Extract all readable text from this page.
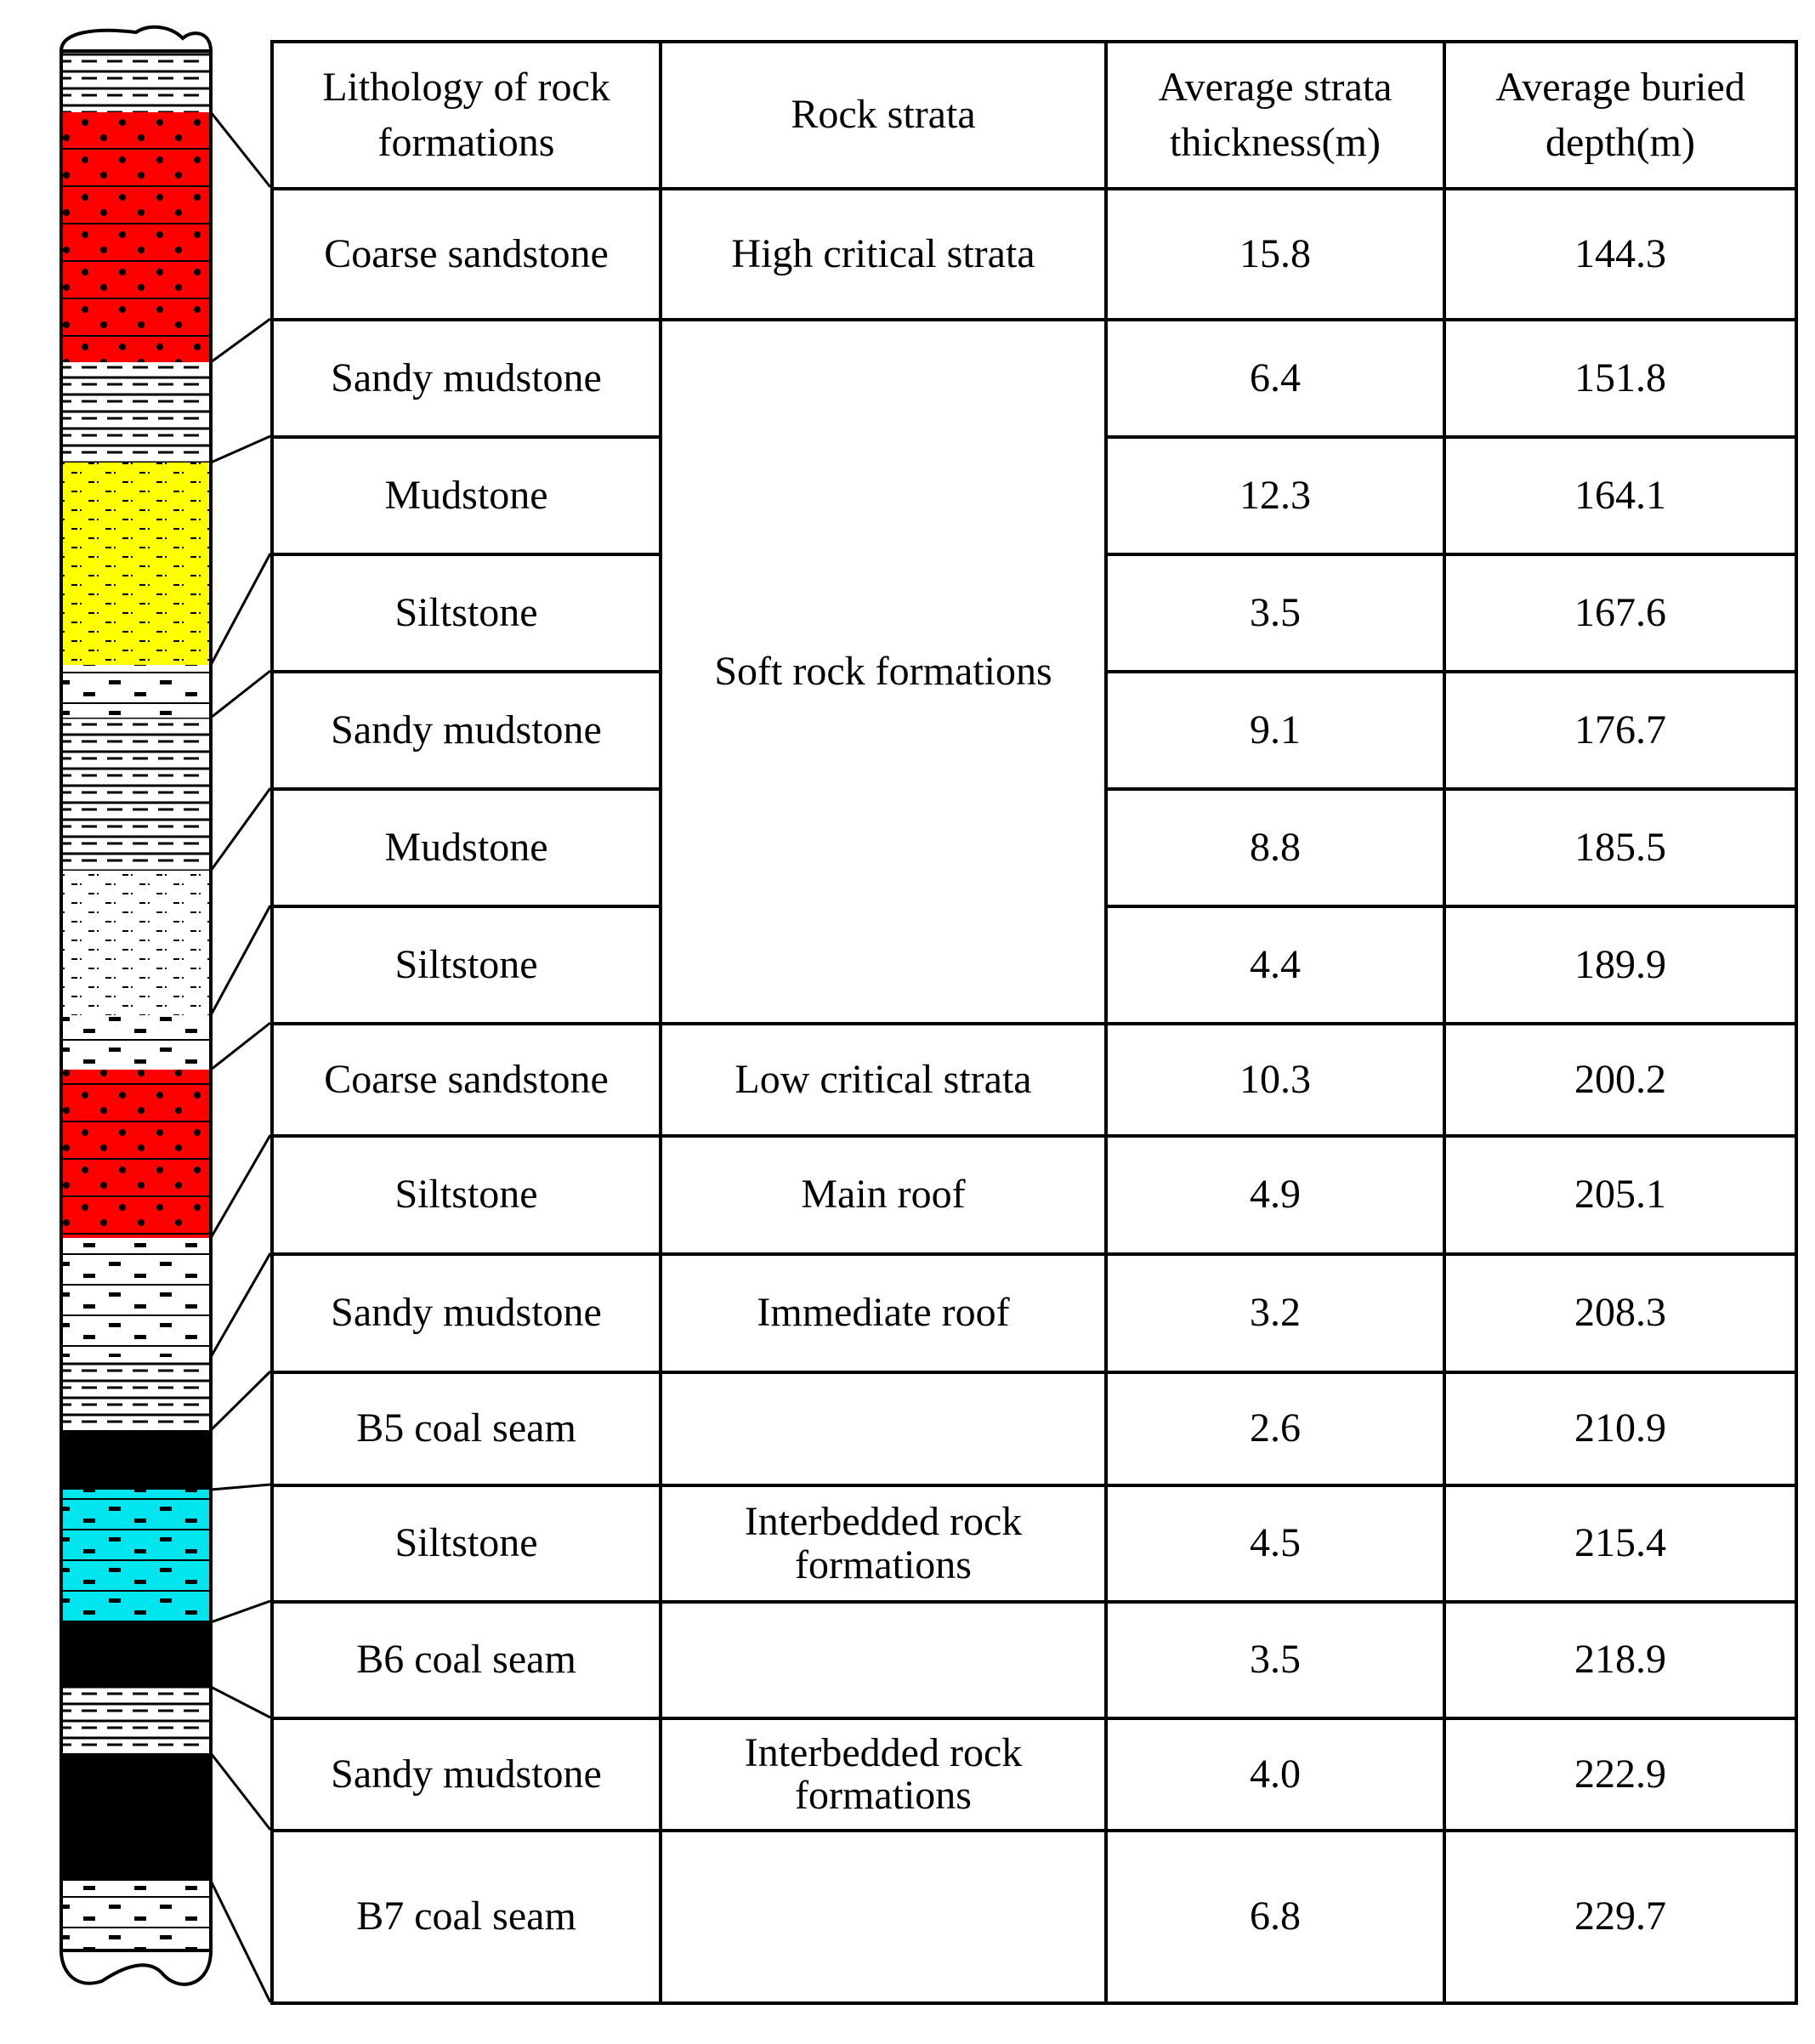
Lithology of rock formations	Rock strata	Average strata thickness(m)	Average buried depth(m)
Coarse sandstone	High critical strata	15.8	144.3
Sandy mudstone	Soft rock formations	6.4	151.8
Mudstone		12.3	164.1
Siltstone		3.5	167.6
Sandy mudstone		9.1	176.7
Mudstone		8.8	185.5
Siltstone		4.4	189.9
Coarse sandstone	Low critical strata	10.3	200.2
Siltstone	Main roof	4.9	205.1
Sandy mudstone	Immediate roof	3.2	208.3
B5 coal seam		2.6	210.9
Siltstone	Interbedded rock formations	4.5	215.4
B6 coal seam		3.5	218.9
Sandy mudstone	Interbedded rock formations	4.0	222.9
B7 coal seam		6.8	229.7
